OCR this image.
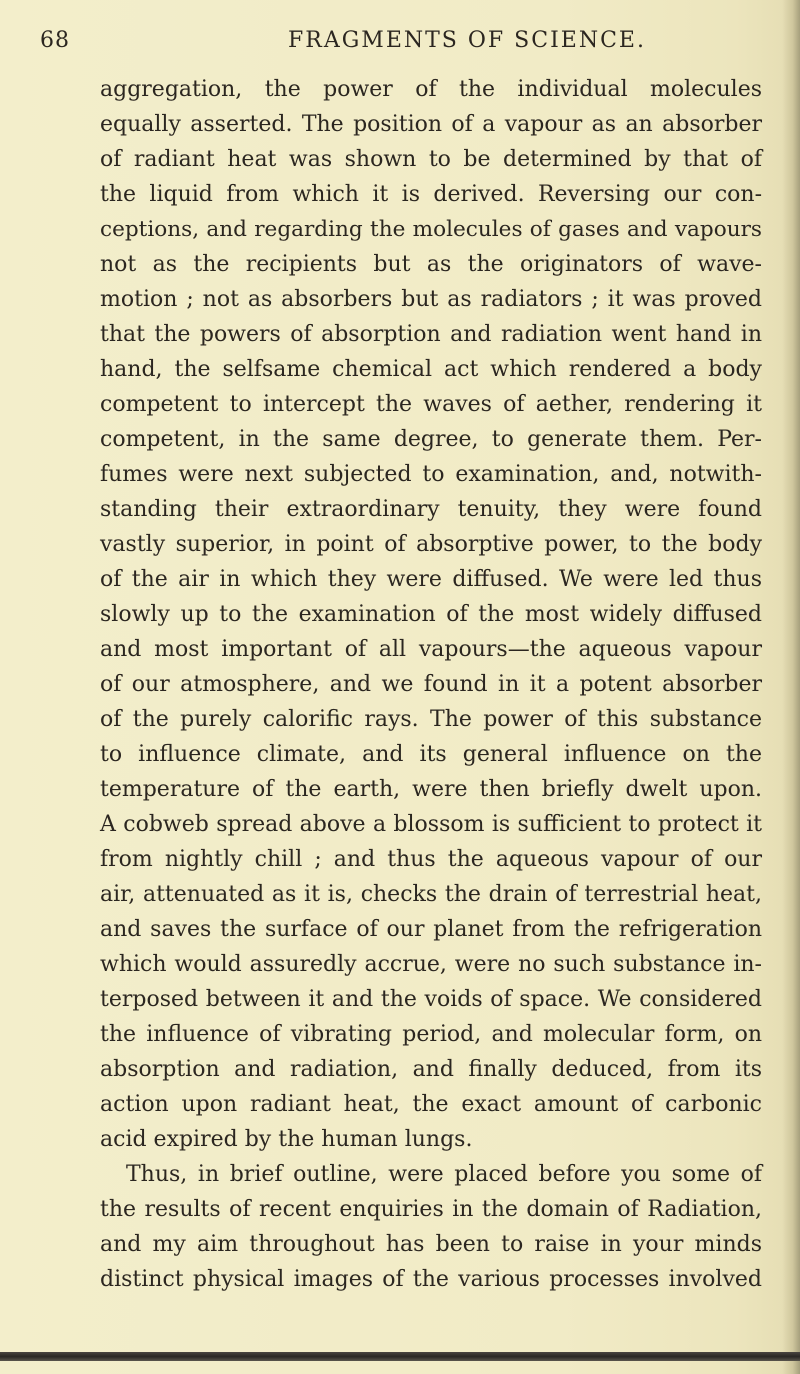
68	FRAGMENTS OF SCIENCE.
aggregation, the power of the individual molecules
equally asserted. The position of a vapour as an absorber
of radiant heat was shown to be determined by that of
the liquid from which it is derived. Reversing our con-
ceptions, and regarding the molecules of gases and vapours
not as the recipients but as the originators of wave-
motion ; not as absorbers but as radiators ; it was proved
that the powers of absorption and radiation went hand in
hand, the selfsame chemical act which rendered a body
competent to intercept the waves of aether, rendering it
competent, in the same degree, to generate them. Per-
fumes were next subjected to examination, and, notwith-
standing their extraordinary tenuity, they were found
vastly superior, in point of absorptive power, to the body
of the air in which they were diffused. We were led thus
slowly up to the examination of the most widely diffused
and most important of all vapours—the aqueous vapour
of our atmosphere, and we found in it a potent absorber
of the purely calorific rays. The power of this substance
to influence climate, and its general influence on the
temperature of the earth, were then briefly dwelt upon.
A cobweb spread above a blossom is sufficient to protect it
from nightly chill ; and thus the aqueous vapour of our
air, attenuated as it is, checks the drain of terrestrial heat,
and saves the surface of our planet from the refrigeration
which would assuredly accrue, were no such substance in-
terposed between it and the voids of space. We considered
the influence of vibrating period, and molecular form, on
absorption and radiation, and finally deduced, from its
action upon radiant heat, the exact amount of carbonic
acid expired by the human lungs.
Thus, in brief outline, were placed before you some of
the results of recent enquiries in the domain of Radiation,
and my aim throughout has been to raise in your minds
distinct physical images of the various processes involved
